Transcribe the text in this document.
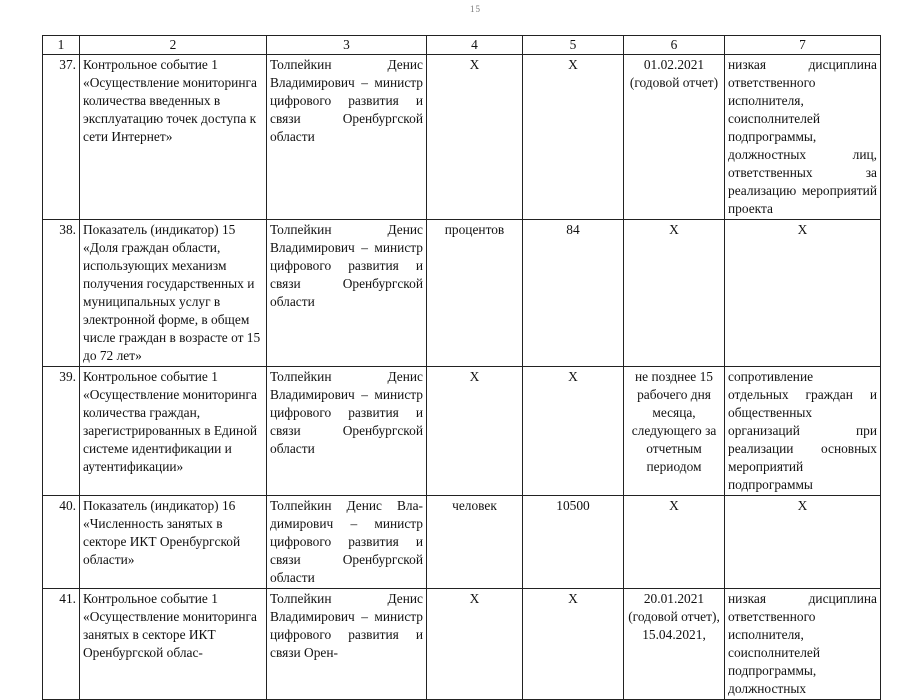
15
1	2	3	4	5	6	7
37.	Контрольное событие 1 «Осуществление мониторинга количества введенных в эксплуатацию точек доступа к сети Интернет»	Толпейкин Денис Владимирович – министр цифрового развития и связи Оренбургской области	Х	Х	01.02.2021 (годовой отчет)	низкая дисциплина ответственного исполнителя, соисполнителей подпрограммы, должностных лиц, ответственных за реализацию мероприятий проекта
38.	Показатель (индикатор) 15 «Доля граждан области, использующих механизм получения государственных и муниципальных услуг в электронной форме, в общем числе граждан в возрасте от 15 до 72 лет»	Толпейкин Денис Владимирович – министр цифрового развития и связи Оренбургской области	процентов	84	Х	Х
39.	Контрольное событие 1 «Осуществление мониторинга количества граждан, зарегистрированных в Единой системе идентификации и аутентификации»	Толпейкин Денис Владимирович – министр цифрового развития и связи Оренбургской области	Х	Х	не позднее 15 рабочего дня месяца, следующего за отчетным периодом	сопротивление отдельных граждан и общественных организаций при реализации основных мероприятий подпрограммы
40.	Показатель (индикатор) 16 «Численность занятых в секторе ИКТ Оренбургской области»	Толпейкин Денис Вла-димирович – министр цифрового развития и связи Оренбургской области	человек	10500	Х	Х
41.	Контрольное событие 1 «Осуществление мониторинга занятых в секторе ИКТ Оренбургской облас-	Толпейкин Денис Владимирович – министр цифрового развития и связи Орен-	Х	Х	20.01.2021 (годовой отчет), 15.04.2021,	низкая дисциплина ответственного исполнителя, соисполнителей подпрограммы, должностных
